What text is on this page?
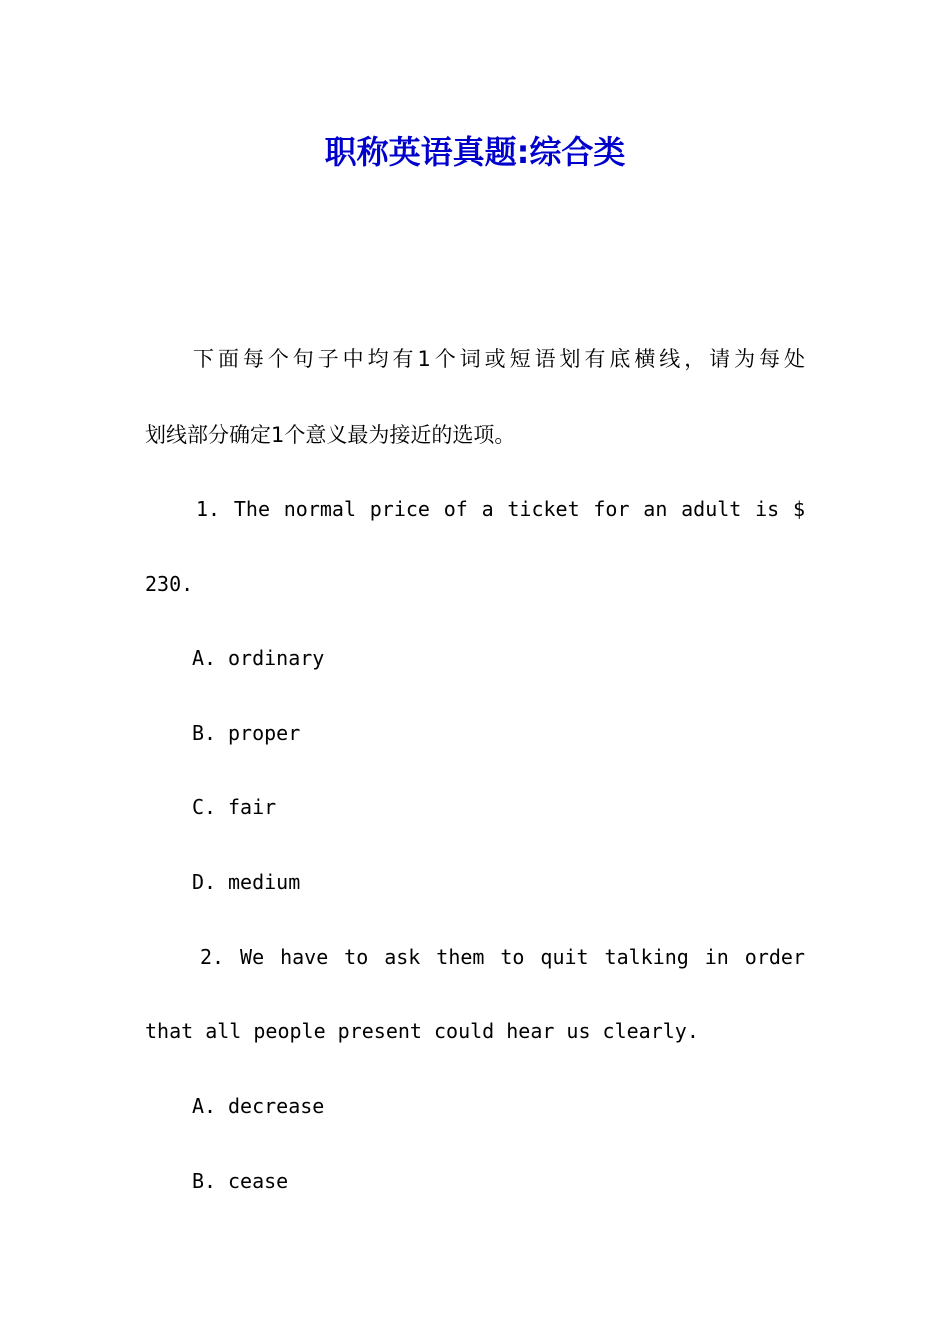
职称英语真题:综合类

下面每个句子中均有1个词或短语划有底横线，请为每处

划线部分确定1个意义最为接近的选项。

1. The normal price of a ticket for an adult is $

230.

A. ordinary
B. proper
C. fair
D. medium
2. We have to ask them to quit talking in order

that all people present could hear us clearly.

A. decrease
B. cease
